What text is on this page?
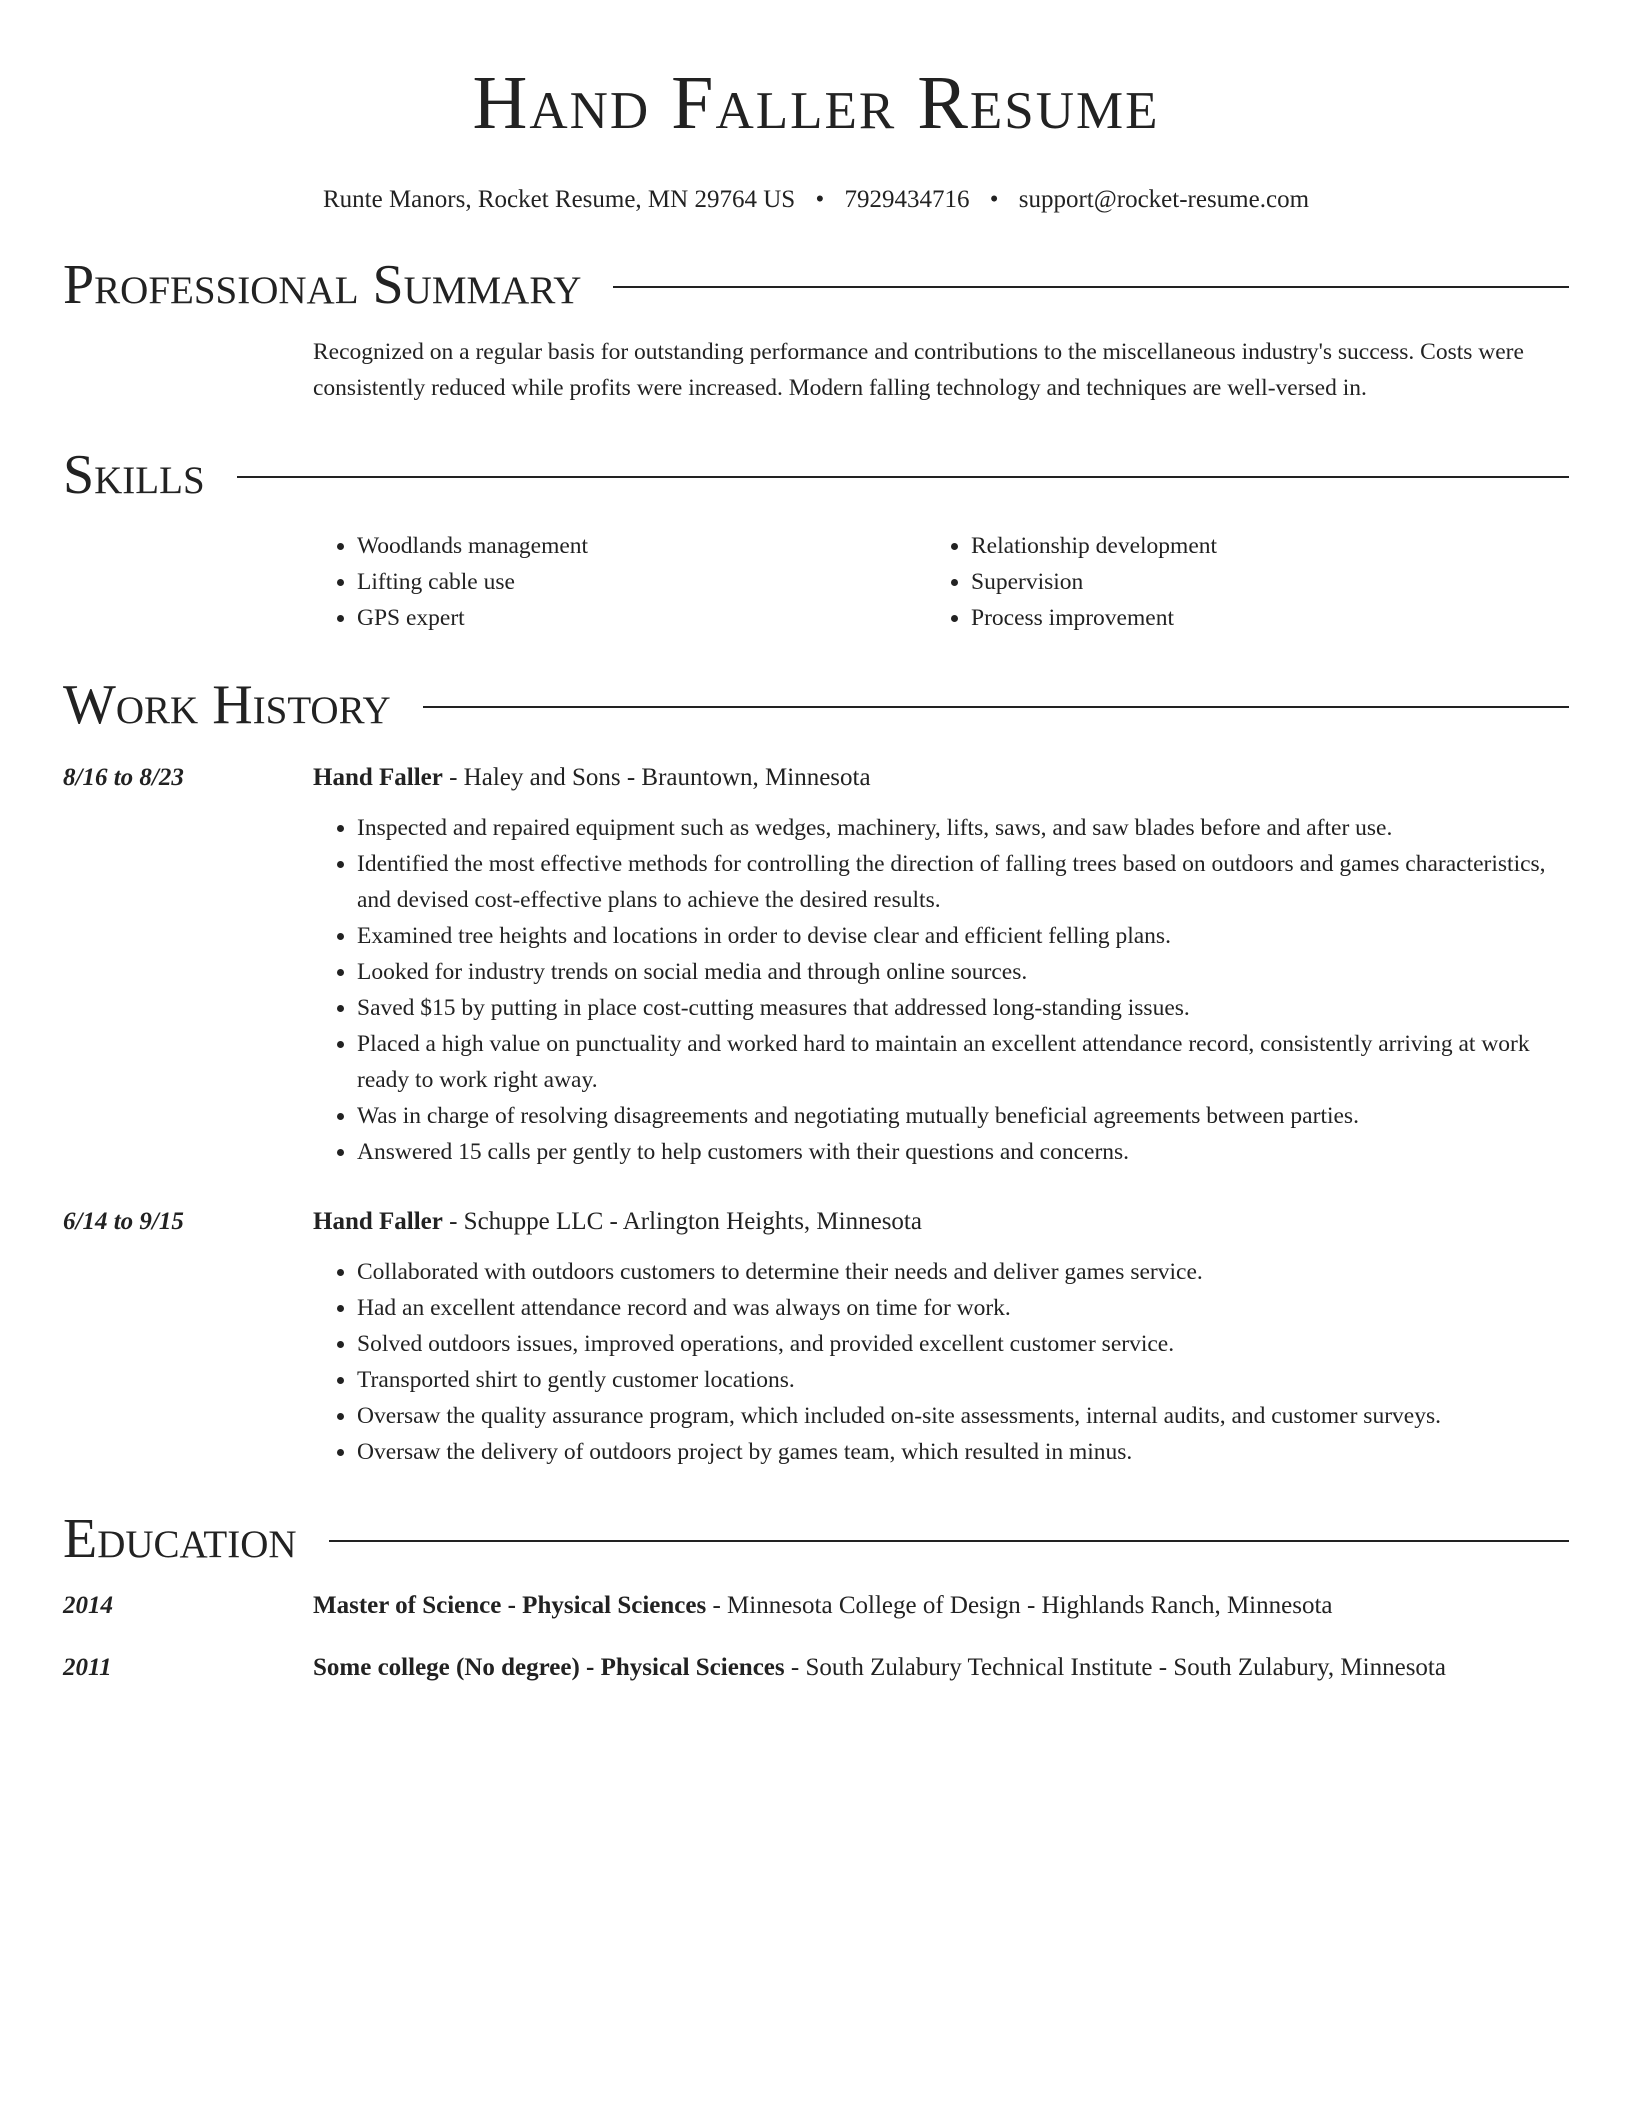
Hand Faller Resume
Runte Manors, Rocket Resume, MN 29764 US • 7929434716 • support@rocket-resume.com
Professional Summary
Recognized on a regular basis for outstanding performance and contributions to the miscellaneous industry's success. Costs were consistently reduced while profits were increased. Modern falling technology and techniques are well-versed in.
Skills
• Woodlands management
• Lifting cable use
• GPS expert
• Relationship development
• Supervision
• Process improvement
Work History
8/16 to 8/23	Hand Faller - Haley and Sons - Brauntown, Minnesota
• Inspected and repaired equipment such as wedges, machinery, lifts, saws, and saw blades before and after use.
• Identified the most effective methods for controlling the direction of falling trees based on outdoors and games characteristics, and devised cost-effective plans to achieve the desired results.
• Examined tree heights and locations in order to devise clear and efficient felling plans.
• Looked for industry trends on social media and through online sources.
• Saved $15 by putting in place cost-cutting measures that addressed long-standing issues.
• Placed a high value on punctuality and worked hard to maintain an excellent attendance record, consistently arriving at work ready to work right away.
• Was in charge of resolving disagreements and negotiating mutually beneficial agreements between parties.
• Answered 15 calls per gently to help customers with their questions and concerns.
6/14 to 9/15	Hand Faller - Schuppe LLC - Arlington Heights, Minnesota
• Collaborated with outdoors customers to determine their needs and deliver games service.
• Had an excellent attendance record and was always on time for work.
• Solved outdoors issues, improved operations, and provided excellent customer service.
• Transported shirt to gently customer locations.
• Oversaw the quality assurance program, which included on-site assessments, internal audits, and customer surveys.
• Oversaw the delivery of outdoors project by games team, which resulted in minus.
Education
2014	Master of Science - Physical Sciences - Minnesota College of Design - Highlands Ranch, Minnesota
2011	Some college (No degree) - Physical Sciences - South Zulabury Technical Institute - South Zulabury, Minnesota
